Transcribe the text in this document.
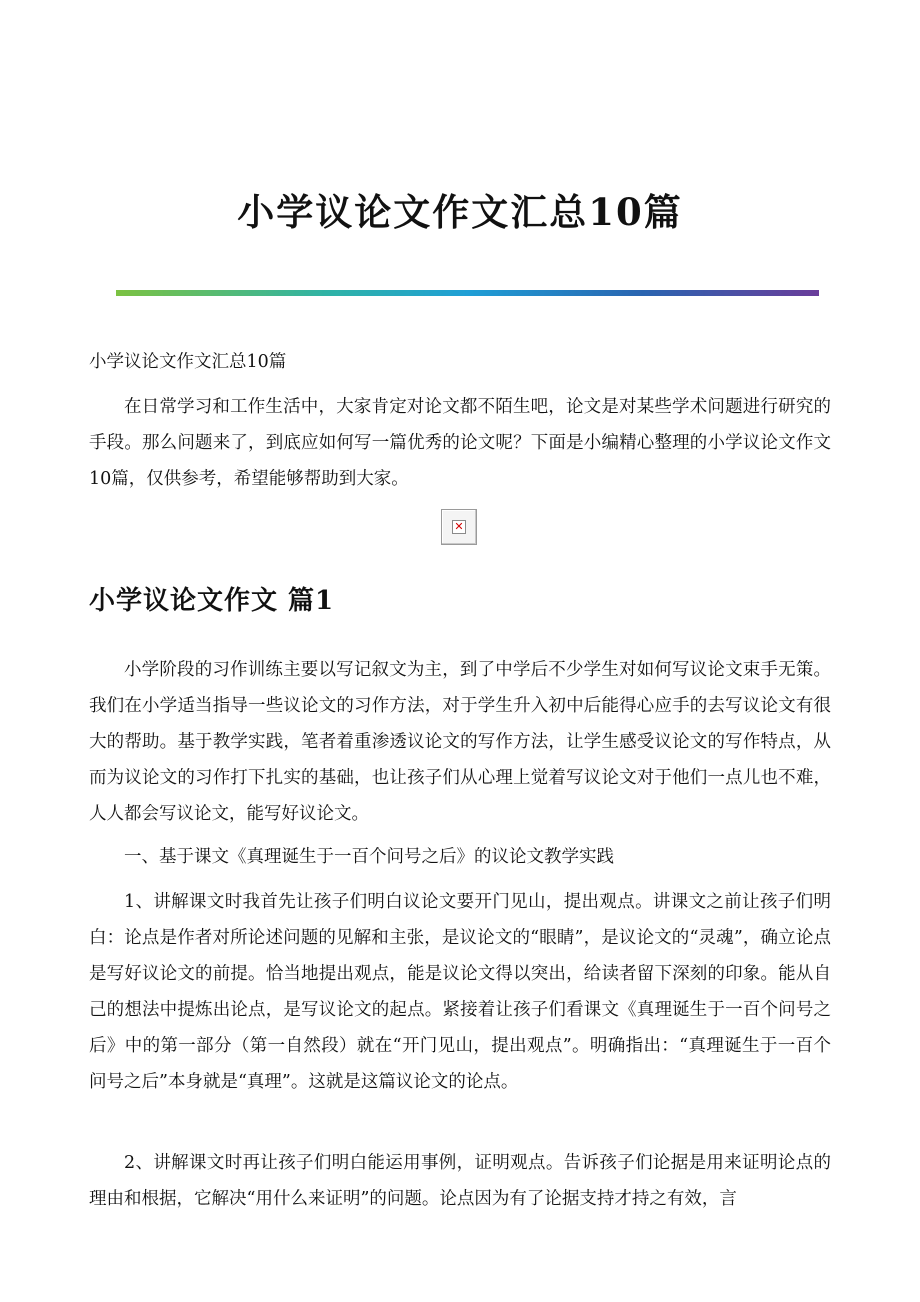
小学议论文作文汇总10篇

小学议论文作文汇总10篇

在日常学习和工作生活中，大家肯定对论文都不陌生吧，论文是对某些学术问题进行研究的手段。那么问题来了，到底应如何写一篇优秀的论文呢？下面是小编精心整理的小学议论文作文10篇，仅供参考，希望能够帮助到大家。

✕
小学议论文作文 篇1

小学阶段的习作训练主要以写记叙文为主，到了中学后不少学生对如何写议论文束手无策。我们在小学适当指导一些议论文的习作方法，对于学生升入初中后能得心应手的去写议论文有很大的帮助。基于教学实践，笔者着重渗透议论文的写作方法，让学生感受议论文的写作特点，从而为议论文的习作打下扎实的基础，也让孩子们从心理上觉着写议论文对于他们一点儿也不难，人人都会写议论文，能写好议论文。

一、基于课文《真理诞生于一百个问号之后》的议论文教学实践

1、讲解课文时我首先让孩子们明白议论文要开门见山，提出观点。讲课文之前让孩子们明白：论点是作者对所论述问题的见解和主张，是议论文的“眼睛”，是议论文的“灵魂”，确立论点是写好议论文的前提。恰当地提出观点，能是议论文得以突出，给读者留下深刻的印象。能从自己的想法中提炼出论点，是写议论文的起点。紧接着让孩子们看课文《真理诞生于一百个问号之后》中的第一部分（第一自然段）就在“开门见山，提出观点”。明确指出：“真理诞生于一百个问号之后”本身就是“真理”。这就是这篇议论文的论点。

2、讲解课文时再让孩子们明白能运用事例，证明观点。告诉孩子们论据是用来证明论点的理由和根据，它解决“用什么来证明”的问题。论点因为有了论据支持才持之有效，言
